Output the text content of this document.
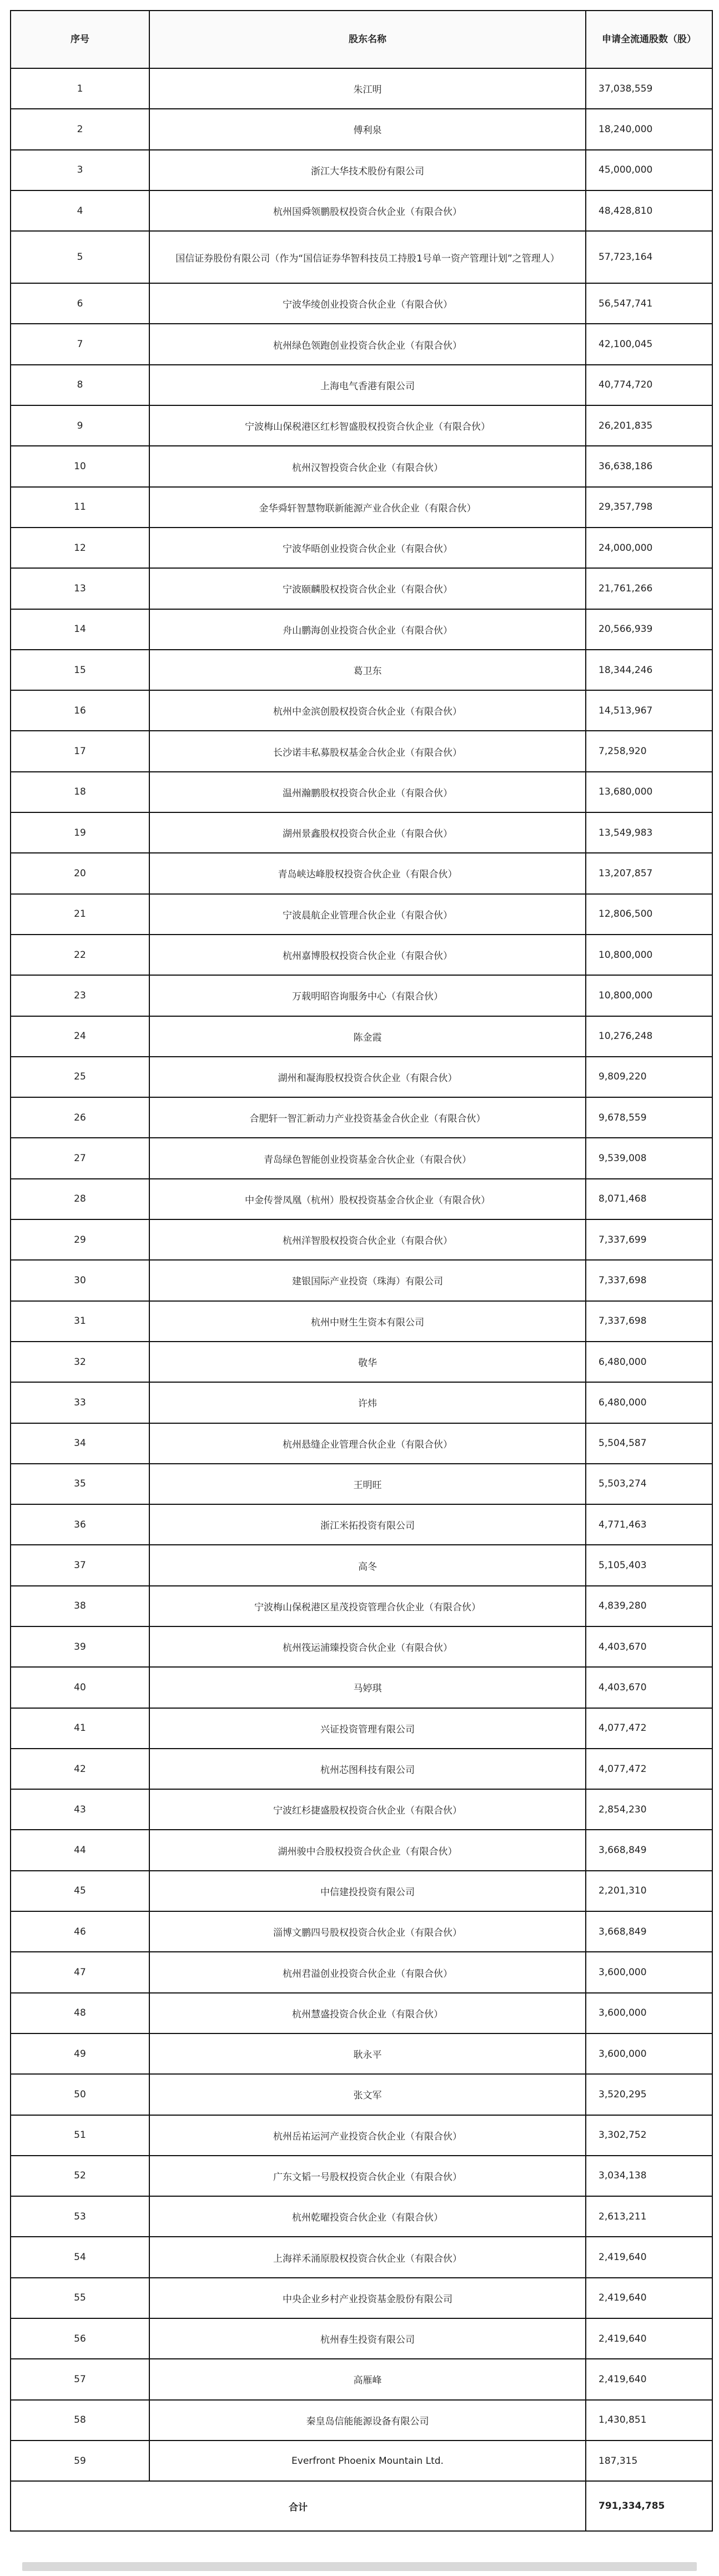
序号	股东名称	申请全流通股数（股）
1	朱江明	37,038,559
2	傅利泉	18,240,000
3	浙江大华技术股份有限公司	45,000,000
4	杭州国舜领鹏股权投资合伙企业（有限合伙）	48,428,810
5	国信证券股份有限公司（作为“国信证券华智科技员工持股1号单一资产管理计划”之管理人）	57,723,164
6	宁波华绫创业投资合伙企业（有限合伙）	56,547,741
7	杭州绿色领跑创业投资合伙企业（有限合伙）	42,100,045
8	上海电气香港有限公司	40,774,720
9	宁波梅山保税港区红杉智盛股权投资合伙企业（有限合伙）	26,201,835
10	杭州汉智投资合伙企业（有限合伙）	36,638,186
11	金华舜轩智慧物联新能源产业合伙企业（有限合伙）	29,357,798
12	宁波华晤创业投资合伙企业（有限合伙）	24,000,000
13	宁波颐麟股权投资合伙企业（有限合伙）	21,761,266
14	舟山鹏海创业投资合伙企业（有限合伙）	20,566,939
15	葛卫东	18,344,246
16	杭州中金滨创股权投资合伙企业（有限合伙）	14,513,967
17	长沙诺丰私募股权基金合伙企业（有限合伙）	7,258,920
18	温州瀚鹏股权投资合伙企业（有限合伙）	13,680,000
19	湖州景鑫股权投资合伙企业（有限合伙）	13,549,983
20	青岛峡达峰股权投资合伙企业（有限合伙）	13,207,857
21	宁波晨航企业管理合伙企业（有限合伙）	12,806,500
22	杭州嘉博股权投资合伙企业（有限合伙）	10,800,000
23	万载明昭咨询服务中心（有限合伙）	10,800,000
24	陈金霞	10,276,248
25	湖州和凝海股权投资合伙企业（有限合伙）	9,809,220
26	合肥轩一智汇新动力产业投资基金合伙企业（有限合伙）	9,678,559
27	青岛绿色智能创业投资基金合伙企业（有限合伙）	9,539,008
28	中金传誉凤凰（杭州）股权投资基金合伙企业（有限合伙）	8,071,468
29	杭州洋智股权投资合伙企业（有限合伙）	7,337,699
30	建银国际产业投资（珠海）有限公司	7,337,698
31	杭州中财生生资本有限公司	7,337,698
32	敬华	6,480,000
33	许炜	6,480,000
34	杭州悬缝企业管理合伙企业（有限合伙）	5,504,587
35	王明旺	5,503,274
36	浙江米拓投资有限公司	4,771,463
37	高冬	5,105,403
38	宁波梅山保税港区星茂投资管理合伙企业（有限合伙）	4,839,280
39	杭州筏运浦臻投资合伙企业（有限合伙）	4,403,670
40	马婷琪	4,403,670
41	兴证投资管理有限公司	4,077,472
42	杭州芯图科技有限公司	4,077,472
43	宁波红杉捷盛股权投资合伙企业（有限合伙）	2,854,230
44	湖州骏中合股权投资合伙企业（有限合伙）	3,668,849
45	中信建投投资有限公司	2,201,310
46	淄博文鹏四号股权投资合伙企业（有限合伙）	3,668,849
47	杭州君溢创业投资合伙企业（有限合伙）	3,600,000
48	杭州慧盛投资合伙企业（有限合伙）	3,600,000
49	耿永平	3,600,000
50	张文军	3,520,295
51	杭州岳祐运河产业投资合伙企业（有限合伙）	3,302,752
52	广东文韬一号股权投资合伙企业（有限合伙）	3,034,138
53	杭州乾曜投资合伙企业（有限合伙）	2,613,211
54	上海祥禾涌原股权投资合伙企业（有限合伙）	2,419,640
55	中央企业乡村产业投资基金股份有限公司	2,419,640
56	杭州春生投资有限公司	2,419,640
57	高雁峰	2,419,640
58	秦皇岛信能能源设备有限公司	1,430,851
59	Everfront Phoenix Mountain Ltd.	187,315
合计		791,334,785
